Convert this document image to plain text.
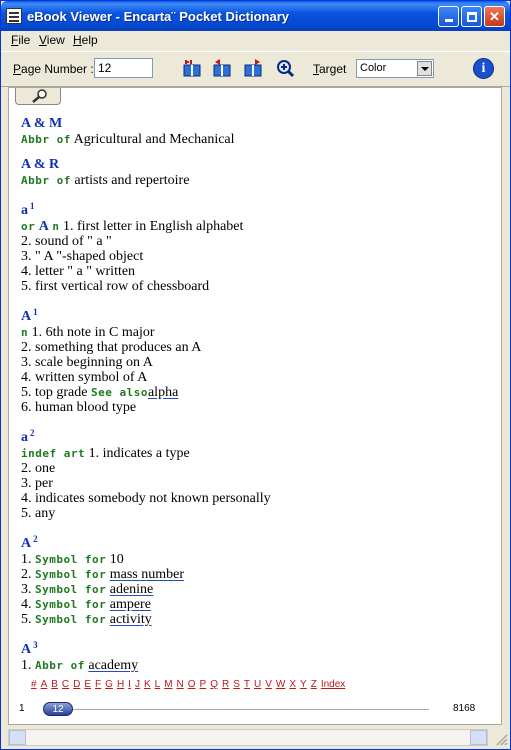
eBook Viewer - Encarta¨ Pocket Dictionary	✕
File View Help
Page Number : 12	Target	Color	i
A & M
Abbr of Agricultural and Mechanical
A & R
Abbr of artists and repertoire
a $^1$
or A n 1. first letter in English alphabet
2. sound of " a "
3. " A "-shaped object
4. letter " a " written
5. first vertical row of chessboard
A $^1$
n 1. 6th note in C major
2. something that produces an A
3. scale beginning on A
4. written symbol of A
5. top grade See alsoalpha
6. human blood type
a $^2$
indef art 1. indicates a type
2. one
3. per
4. indicates somebody not known personally
5. any
A $^2$
1. Symbol for 10
2. Symbol for mass number
3. Symbol for adenine
4. Symbol for ampere
5. Symbol for activity
A $^3$
1. Abbr of academy
# A B C D E F G H I J K L M N O P Q R S T U V W X Y Z Index
1	12	8168
